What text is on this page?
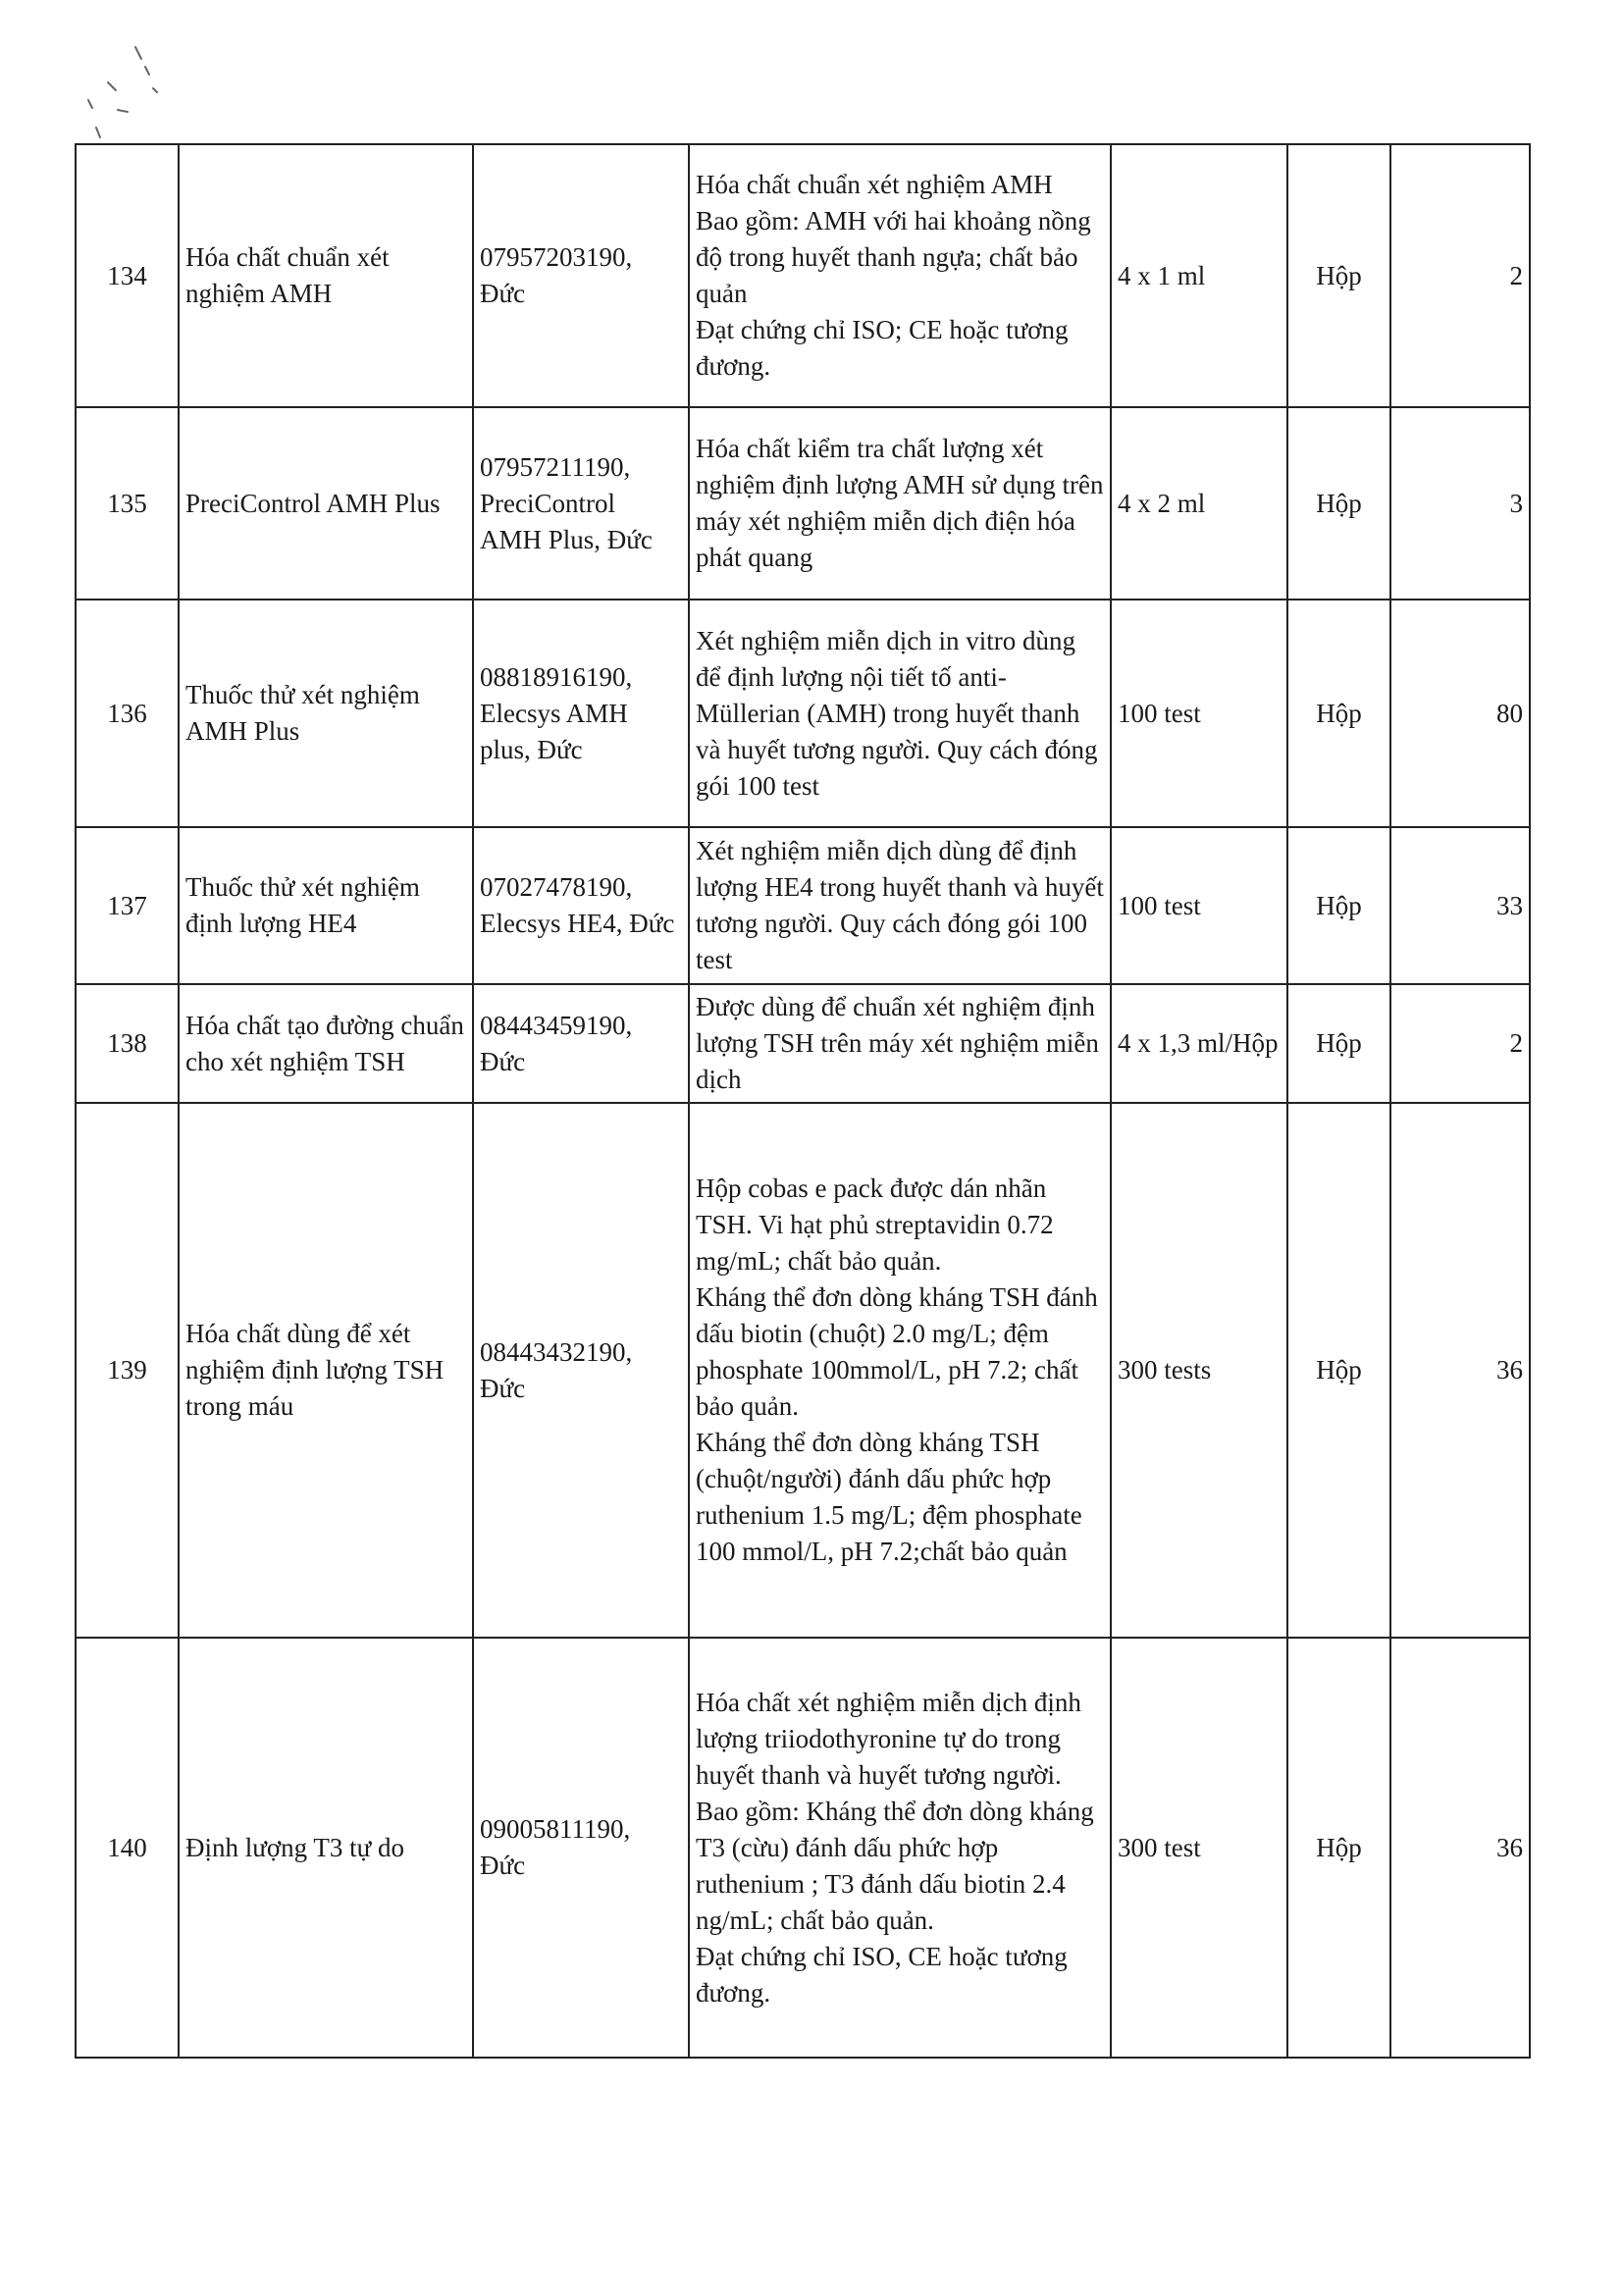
134	Hóa chất chuẩn xét nghiệm AMH	07957203190, Đức	Hóa chất chuẩn xét nghiệm AMH
Bao gồm: AMH với hai khoảng nồng độ trong huyết thanh ngựa; chất bảo quản
Đạt chứng chỉ ISO; CE hoặc tương đương.	4 x 1 ml	Hộp	2
135	PreciControl AMH Plus	07957211190, PreciControl AMH Plus, Đức	Hóa chất kiểm tra chất lượng xét nghiệm định lượng AMH sử dụng trên máy xét nghiệm miễn dịch điện hóa phát quang	4 x 2 ml	Hộp	3
136	Thuốc thử xét nghiệm AMH Plus	08818916190, Elecsys AMH plus, Đức	Xét nghiệm miễn dịch in vitro dùng để định lượng nội tiết tố anti-Müllerian (AMH) trong huyết thanh và huyết tương người. Quy cách đóng gói 100 test	100 test	Hộp	80
137	Thuốc thử xét nghiệm định lượng HE4	07027478190, Elecsys HE4, Đức	Xét nghiệm miễn dịch dùng để định lượng HE4 trong huyết thanh và huyết tương người. Quy cách đóng gói 100 test	100 test	Hộp	33
138	Hóa chất tạo đường chuẩn cho xét nghiệm TSH	08443459190, Đức	Được dùng để chuẩn xét nghiệm định lượng TSH trên máy xét nghiệm miễn dịch	4 x 1,3 ml/Hộp	Hộp	2
139	Hóa chất dùng để xét nghiệm định lượng TSH trong máu	08443432190, Đức	Hộp cobas e pack được dán nhãn TSH. Vi hạt phủ streptavidin 0.72 mg/mL; chất bảo quản.
Kháng thể đơn dòng kháng TSH đánh dấu biotin (chuột) 2.0 mg/L; đệm phosphate 100mmol/L, pH 7.2; chất bảo quản.
Kháng thể đơn dòng kháng TSH (chuột/người) đánh dấu phức hợp ruthenium 1.5 mg/L; đệm phosphate 100 mmol/L, pH 7.2;chất bảo quản	300 tests	Hộp	36
140	Định lượng T3 tự do	09005811190, Đức	Hóa chất xét nghiệm miễn dịch định lượng triiodothyronine tự do trong huyết thanh và huyết tương người.
Bao gồm: Kháng thể đơn dòng kháng T3 (cừu) đánh dấu phức hợp ruthenium ; T3 đánh dấu biotin 2.4 ng/mL; chất bảo quản.
Đạt chứng chỉ ISO, CE hoặc tương đương.	300 test	Hộp	36
